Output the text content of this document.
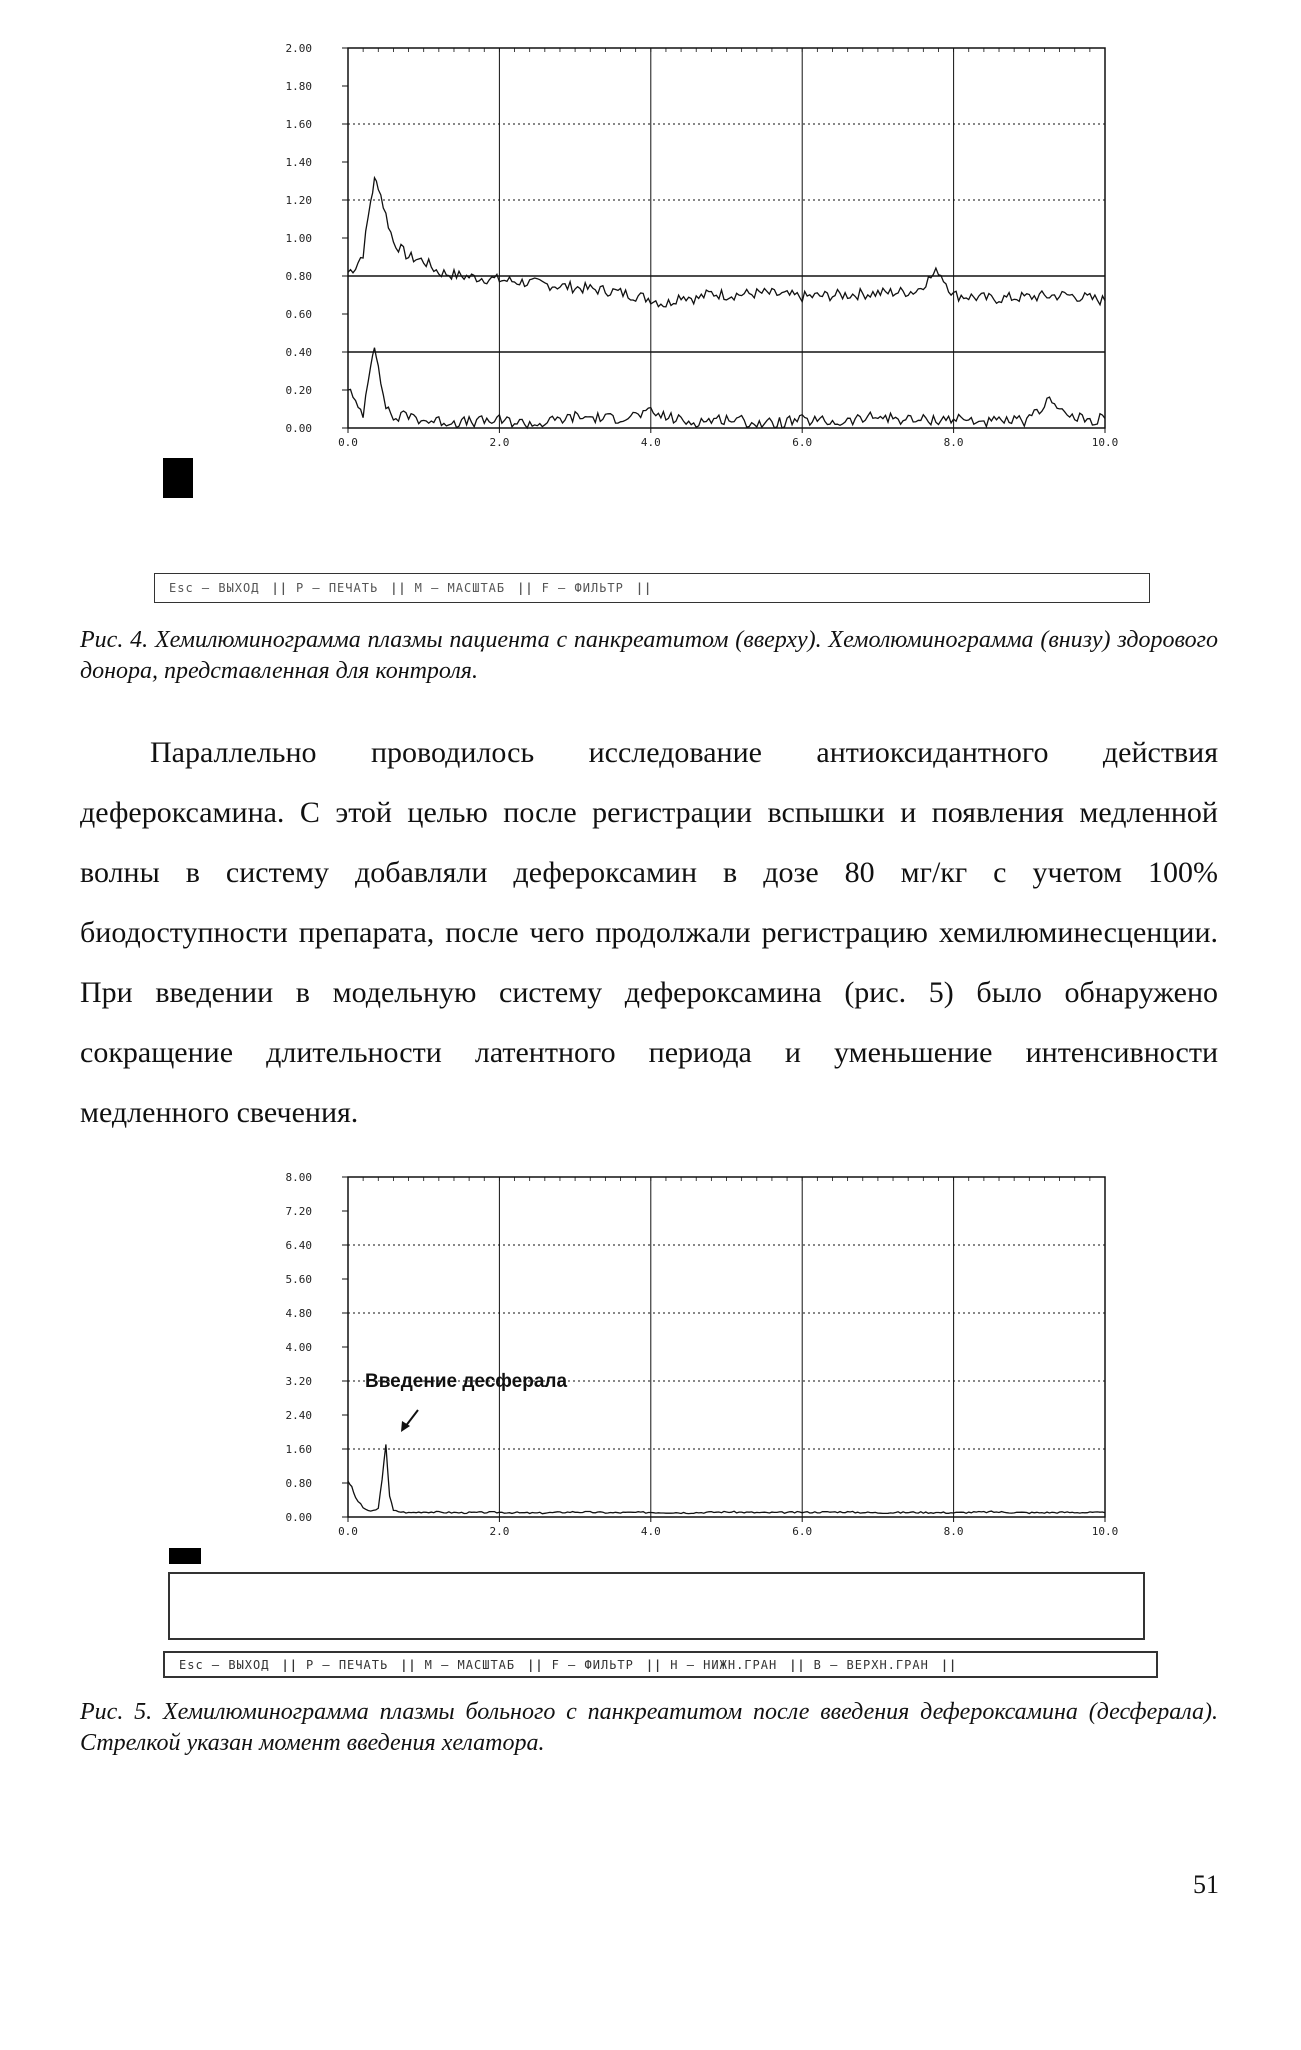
0.0	2.0	4.0	6.0	8.0	10.0
0.00
0.20
0.40
0.60
0.80
1.00
1.20
1.40
1.60
1.80
2.00
Esc – ВЫХОД || P – ПЕЧАТЬ || M – МАСШТАБ || F – ФИЛЬТР ||
Рис. 4. Хемилюминограмма плазмы пациента с панкреатитом (вверху). Хемолюминограмма (внизу) здорового донора, представленная для контроля.
Параллельно проводилось исследование антиоксидантного действия дефероксамина. С этой целью после регистрации вспышки и появления медленной волны в систему добавляли дефероксамин в дозе 80 мг/кг с учетом 100% биодоступности препарата, после чего продолжали регистрацию хемилюминесценции. При введении в модельную систему дефероксамина (рис. 5) было обнаружено сокращение длительности латентного периода и уменьшение интенсивности медленного свечения.
0.0	2.0	4.0	6.0	8.0	10.0
0.00
0.80
1.60
2.40
3.20
4.00
4.80
5.60
6.40
7.20
8.00
Введение десферала
Esc – ВЫХОД || P – ПЕЧАТЬ || M – МАСШТАБ || F – ФИЛЬТР || H – НИЖН.ГРАН || B – ВЕРХН.ГРАН ||
Рис. 5. Хемилюминограмма плазмы больного с панкреатитом после введения дефероксамина (десферала). Стрелкой указан момент введения хелатора.
51
